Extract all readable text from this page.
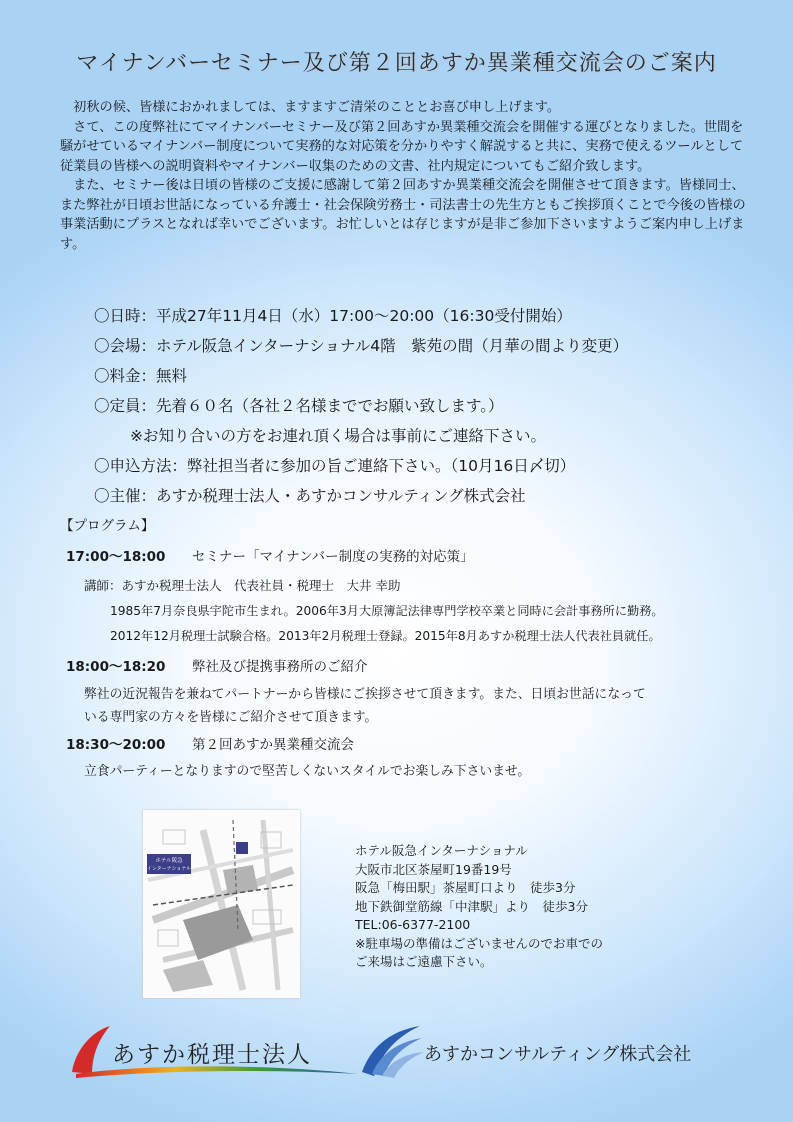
マイナンバーセミナー及び第２回あすか異業種交流会のご案内

　初秋の候、皆様におかれましては、ますますご清栄のこととお喜び申し上げます。

　さて、この度弊社にてマイナンバーセミナー及び第２回あすか異業種交流会を開催する運びとなりました。世間を騒がせているマイナンバー制度について実務的な対応策を分かりやすく解説すると共に、実務で使えるツールとして従業員の皆様への説明資料やマイナンバー収集のための文書、社内規定についてもご紹介致します。

　また、セミナー後は日頃の皆様のご支援に感謝して第２回あすか異業種交流会を開催させて頂きます。皆様同士、また弊社が日頃お世話になっている弁護士・社会保険労務士・司法書士の先生方ともご挨拶頂くことで今後の皆様の事業活動にプラスとなれば幸いでございます。お忙しいとは存じますが是非ご参加下さいますようご案内申し上げます。

〇日時：平成27年11月4日（水）17:00～20:00（16:30受付開始）
〇会場：ホテル阪急インターナショナル4階　紫苑の間（月華の間より変更）
〇料金：無料
〇定員：先着６０名（各社２名様まででお願い致します。）
※お知り合いの方をお連れ頂く場合は事前にご連絡下さい。
〇申込方法：弊社担当者に参加の旨ご連絡下さい。（10月16日〆切）
〇主催：あすか税理士法人・あすかコンサルティング株式会社
【プログラム】
17:00～18:00 セミナー「マイナンバー制度の実務的対応策」
講師：あすか税理士法人　代表社員・税理士　大井 幸助
1985年7月奈良県宇陀市生まれ。2006年3月大原簿記法律専門学校卒業と同時に会計事務所に勤務。
2012年12月税理士試験合格。2013年2月税理士登録。2015年8月あすか税理士法人代表社員就任。
18:00～18:20 弊社及び提携事務所のご紹介
弊社の近況報告を兼ねてパートナーから皆様にご挨拶させて頂きます。また、日頃お世話になって
いる専門家の方々を皆様にご紹介させて頂きます。
18:30～20:00 第２回あすか異業種交流会
立食パーティーとなりますので堅苦しくないスタイルでお楽しみ下さいませ。
ホテル阪急
インターナショナル
ホテル阪急インターナショナル
大阪市北区茶屋町19番19号
阪急「梅田駅」茶屋町口より　徒歩3分
地下鉄御堂筋線「中津駅」より　徒歩3分
TEL:06-6377-2100
※駐車場の準備はございませんのでお車での
ご来場はご遠慮下さい。
あすか税理士法人	あすかコンサルティング株式会社
